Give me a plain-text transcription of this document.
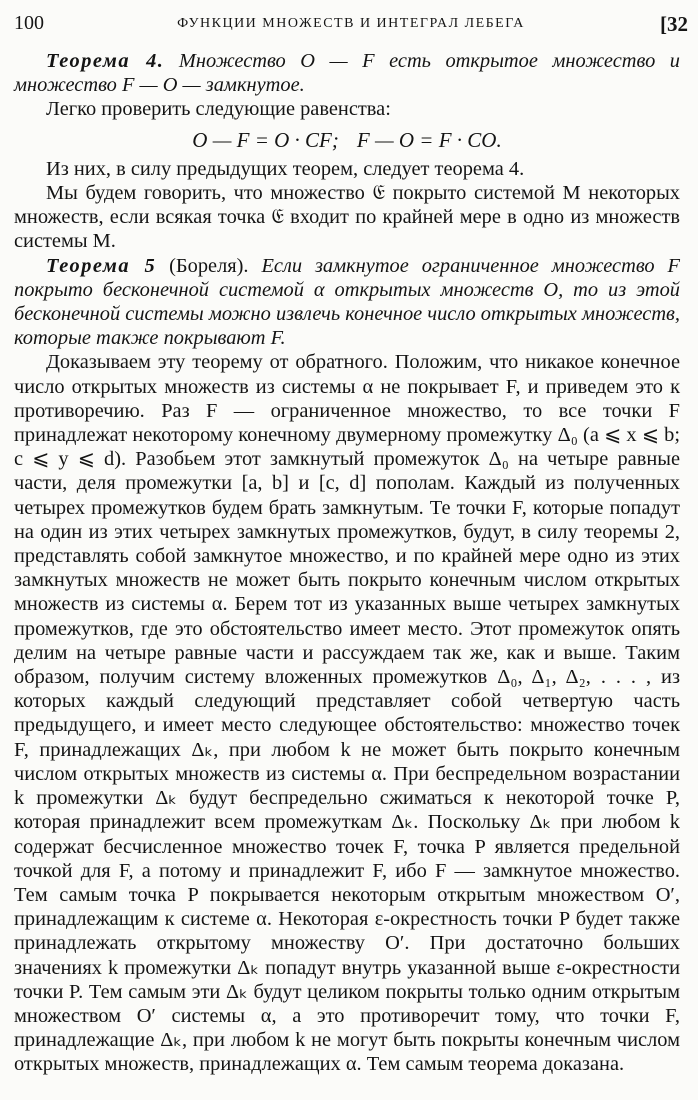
100	ФУНКЦИИ МНОЖЕСТВ И ИНТЕГРАЛ ЛЕБЕГА	[32

Теорема 4. Множество O — F есть открытое множество и множество F — O — замкнутое.

Легко проверить следующие равенства:

O — F = O · CF; F — O = F · CO.

Из них, в силу предыдущих теорем, следует теорема 4.

Мы будем говорить, что множество 𝔈 покрыто системой M некоторых множеств, если всякая точка 𝔈 входит по крайней мере в одно из множеств системы M.

Теорема 5 (Бореля). Если замкнутое ограниченное множество F покрыто бесконечной системой α открытых множеств O, то из этой бесконечной системы можно извлечь конечное число открытых множеств, которые также покрывают F.

Доказываем эту теорему от обратного. Положим, что никакое конечное число открытых множеств из системы α не покрывает F, и приведем это к противоречию. Раз F — ограниченное множество, то все точки F принадлежат некоторому конечному двумерному промежутку Δ₀ (a ⩽ x ⩽ b; c ⩽ y ⩽ d). Разобьем этот замкнутый промежуток Δ₀ на четыре равные части, деля промежутки [a, b] и [c, d] пополам. Каждый из полученных четырех промежутков будем брать замкнутым. Те точки F, которые попадут на один из этих четырех замкнутых промежутков, будут, в силу теоремы 2, представлять собой замкнутое множество, и по крайней мере одно из этих замкнутых множеств не может быть покрыто конечным числом открытых множеств из системы α. Берем тот из указанных выше четырех замкнутых промежутков, где это обстоятельство имеет место. Этот промежуток опять делим на четыре равные части и рассуждаем так же, как и выше. Таким образом, получим систему вложенных промежутков Δ₀, Δ₁, Δ₂, . . . , из которых каждый следующий представляет собой четвертую часть предыдущего, и имеет место следующее обстоятельство: множество точек F, принадлежащих Δₖ, при любом k не может быть покрыто конечным числом открытых множеств из системы α. При беспредельном возрастании k промежутки Δₖ будут беспредельно сжиматься к некоторой точке P, которая принадлежит всем промежуткам Δₖ. Поскольку Δₖ при любом k содержат бесчисленное множество точек F, точка P является предельной точкой для F, а потому и принадлежит F, ибо F — замкнутое множество. Тем самым точка P покрывается некоторым открытым множеством O′, принадлежащим к системе α. Некоторая ε-окрестность точки P будет также принадлежать открытому множеству O′. При достаточно больших значениях k промежутки Δₖ попадут внутрь указанной выше ε-окрестности точки P. Тем самым эти Δₖ будут целиком покрыты только одним открытым множеством O′ системы α, а это противоречит тому, что точки F, принадлежащие Δₖ, при любом k не могут быть покрыты конечным числом открытых множеств, принадлежащих α. Тем самым теорема доказана.
